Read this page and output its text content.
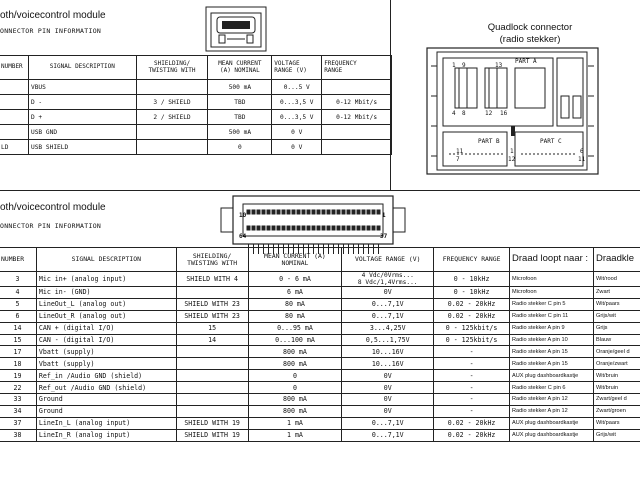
oth/voicecontrol module
ONNECTOR PIN INFORMATION
NUMBER	SIGNAL DESCRIPTION	SHIELDING/
TWISTING WITH	MEAN CURRENT
(A) NOMINAL	VOLTAGE
RANGE (V)	FREQUENCY
RANGE
	VBUS		500 mA	0...5 V	
	D -	3 / SHIELD	TBD	0...3,5 V	0-12 Mbit/s
	D +	2 / SHIELD	TBD	0...3,5 V	0-12 Mbit/s
	USB GND		500 mA	0 V	
LD	USB SHIELD		0	0 V	
Quadlock connector
(radio stekker)
PART A
1 9	13
4 8	12 16
PART B	PART C
11
7
1
12
6
11
oth/voicecontrol module
ONNECTOR PIN INFORMATION
10	1
64	37
NUMBER	SIGNAL DESCRIPTION	SHIELDING/
TWISTING WITH	MEAN CURRENT (A)
NOMINAL	VOLTAGE RANGE (V)	FREQUENCY RANGE	Draad loopt naar :	Draadkle
3	Mic in+ (analog input)	SHIELD WITH 4	0 - 6 mA	4 Vdc/0Vrms...
8 Vdc/1,4Vrms...	0 - 10kHz	Microfoon	Wit/rood
4	Mic in- (GND)		6 mA	0V	0 - 10kHz	Microfoon	Zwart
5	LineOut_L (analog out)	SHIELD WITH 23	80 mA	0...7,1V	0.02 - 20kHz	Radio stekker C pin 5	Wit/paars
6	LineOut_R (analog out)	SHIELD WITH 23	80 mA	0...7,1V	0.02 - 20kHz	Radio stekker C pin 11	Grijs/wit
14	CAN + (digital I/O)	15	0...95 mA	3...4,25V	0 - 125kbit/s	Radio stekker A pin 9	Grijs
15	CAN - (digital I/O)	14	0...100 mA	0,5...1,75V	0 - 125kbit/s	Radio stekker A pin 10	Blauw
17	Vbatt (supply)		800 mA	10...16V	-	Radio stekker A pin 15	Oranje/geel d
18	Vbatt (supply)		800 mA	10...16V	-	Radio stekker A pin 15	Oranje/zwart
19	Ref_in /Audio GND (shield)		0	0V	-	AUX plug dashboardkastje	Wit/bruin
22	Ref_out /Audio GND (shield)		0	0V	-	Radio stekker C pin 6	Wit/bruin
33	Ground		800 mA	0V	-	Radio stekker A pin 12	Zwart/geel d
34	Ground		800 mA	0V	-	Radio stekker A pin 12	Zwart/groen
37	LineIn_L (analog input)	SHIELD WITH 19	1 mA	0...7,1V	0.02 - 20kHz	AUX plug dashboardkastje	Wit/paars
38	LineIn_R (analog input)	SHIELD WITH 19	1 mA	0...7,1V	0.02 - 20kHz	AUX plug dashboardkastje	Grijs/wit
